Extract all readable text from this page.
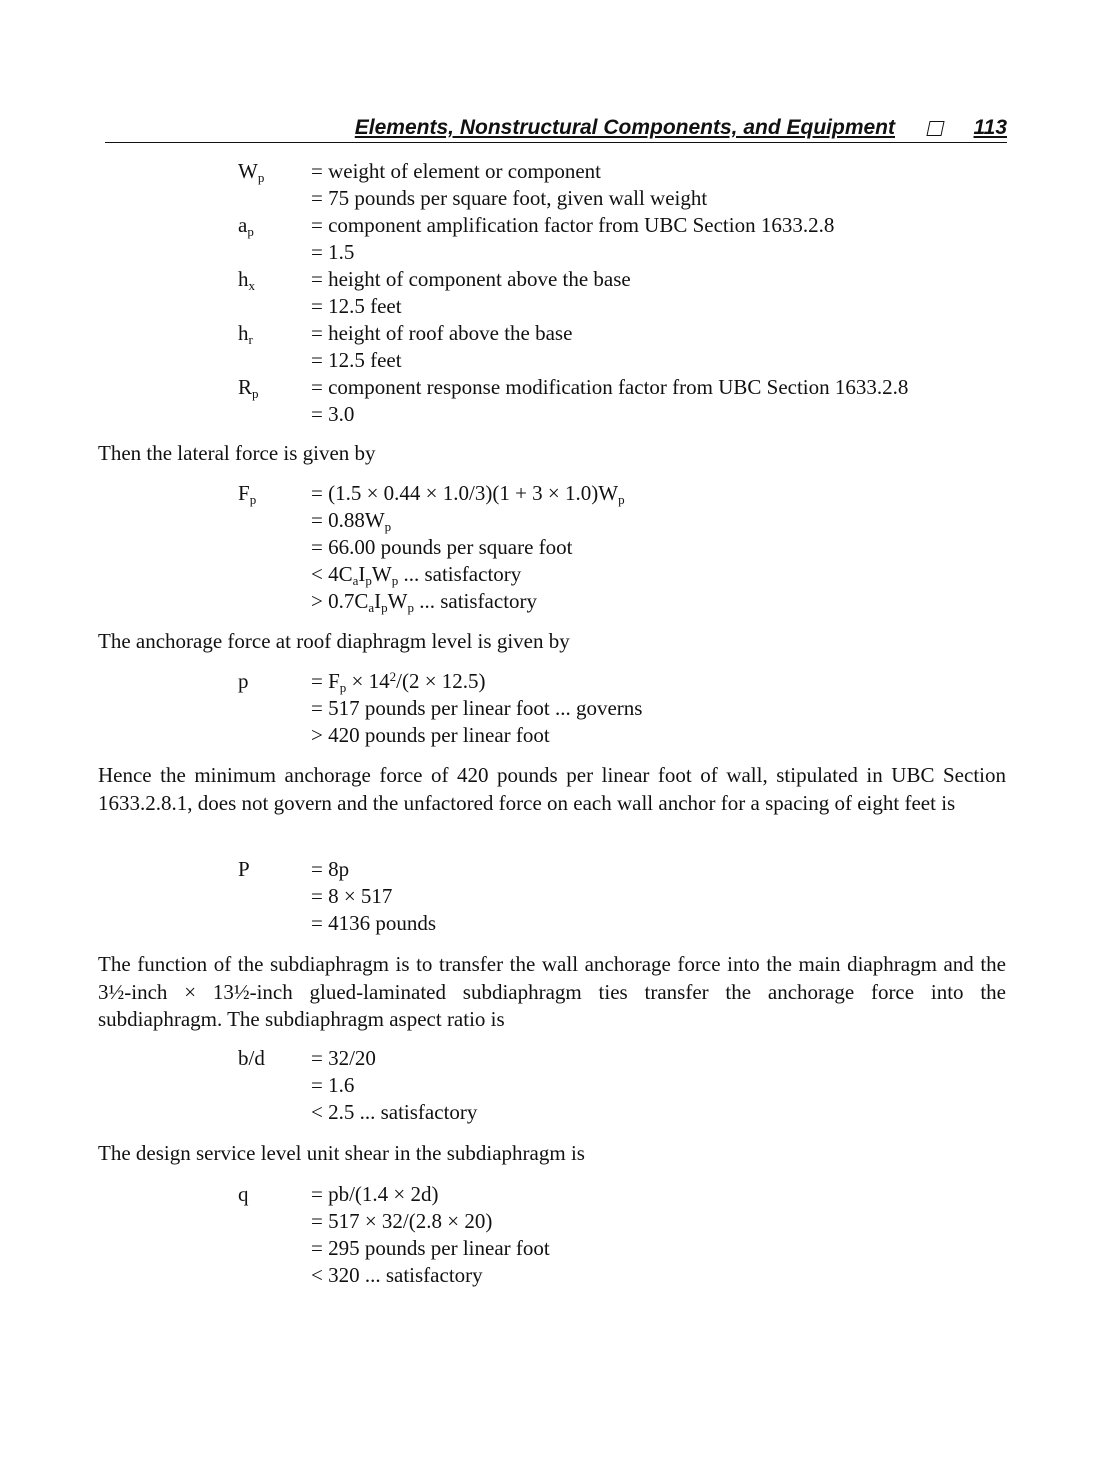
Elements, Nonstructural Components, and Equipment	113
$W_p$ = weight of element or component
= 75 pounds per square foot, given wall weight
$a_p$	= component amplification factor from UBC Section 1633.2.8
= 1.5
$h_x$	= height of component above the base
= 12.5 feet
$h_r$	= height of roof above the base
= 12.5 feet
$R_p$ = component response modification factor from UBC Section 1633.2.8
= 3.0
Then the lateral force is given by
$F_p$	= $(1.5 \times 0.44 \times 1.0/3)(1 + 3 \times 1.0)W_p$
= $0.88W_p$
= 66.00 pounds per square foot
< $4C_aI_pW_p$ ... satisfactory
> $0.7C_aI_pW_p$ ... satisfactory
The anchorage force at roof diaphragm level is given by
p	= $F_p \times 14^2/(2 \times 12.5)$
= 517 pounds per linear foot ... governs
> 420 pounds per linear foot
Hence the minimum anchorage force of 420 pounds per linear foot of wall, stipulated in UBC Section 1633.2.8.1, does not govern and the unfactored force on each wall anchor for a spacing of eight feet is
P	= 8p
= 8 × 517
= 4136 pounds
The function of the subdiaphragm is to transfer the wall anchorage force into the main diaphragm and the 3½-inch × 13½-inch glued-laminated subdiaphragm ties transfer the anchorage force into the subdiaphragm. The subdiaphragm aspect ratio is
b/d = 32/20
= 1.6
< 2.5 ... satisfactory
The design service level unit shear in the subdiaphragm is
q	= pb/(1.4 × 2d)
= 517 × 32/(2.8 × 20)
= 295 pounds per linear foot
< 320 ... satisfactory
